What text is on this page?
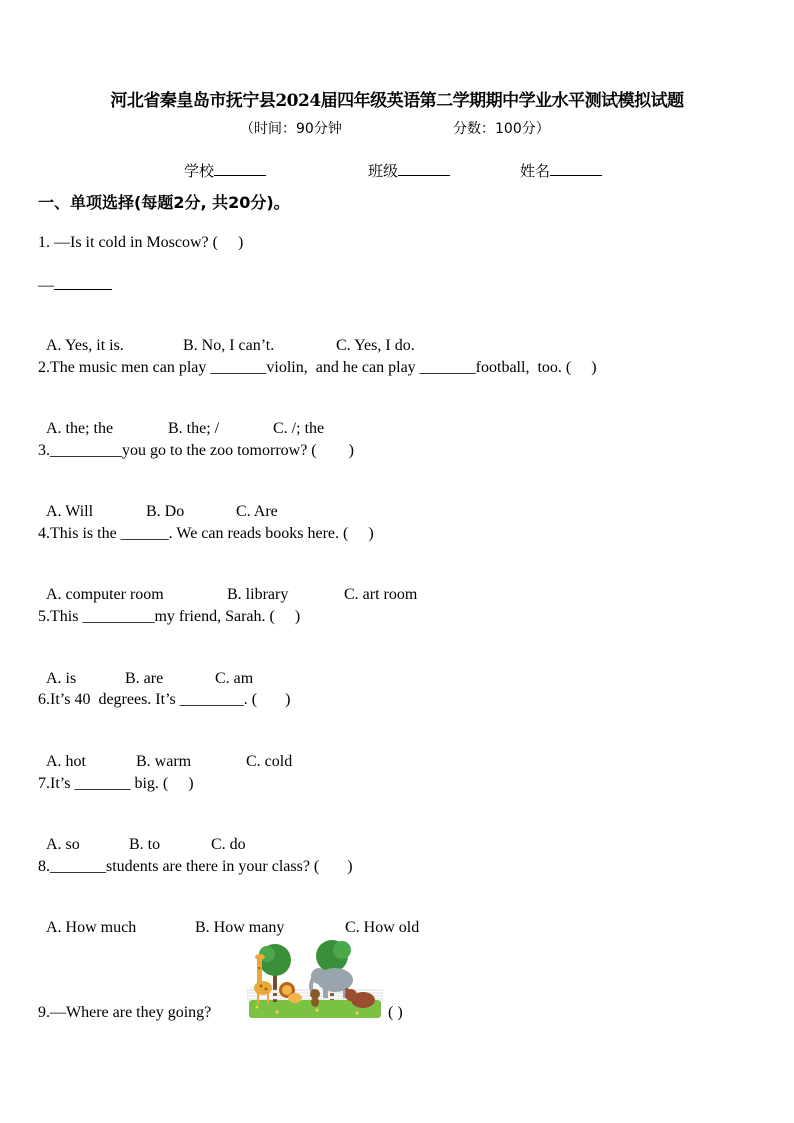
河北省秦皇岛市抚宁县2024届四年级英语第二学期期中学业水平测试模拟试题
（时间：90分钟	分数：100分）
学校	班级	姓名
一、单项选择(每题2分, 共20分)。
1. —Is it cold in Moscow? (     )
—

A. Yes, it is.	B. No, I can’t.	C. Yes, I do.

2.The music men can play _______violin,  and he can play _______football,  too. (     )

A. the; the	B. the; /	C. /; the

3._________you go to the zoo tomorrow? (        )

A. Will	B. Do	C. Are

4.This is the ______. We can reads books here. (     )

A. computer room	B. library	C. art room

5.This _________my friend, Sarah. (     )

A. is	B. are	C. am

6.It’s 40  degrees. It’s ________. (       )

A. hot	B. warm	C. cold

7.It’s _______ big. (     )

A. so	B. to	C. do

8._______students are there in your class? (       )

A. How much	B. How many	C. How old

9.—Where are they going?	( )
